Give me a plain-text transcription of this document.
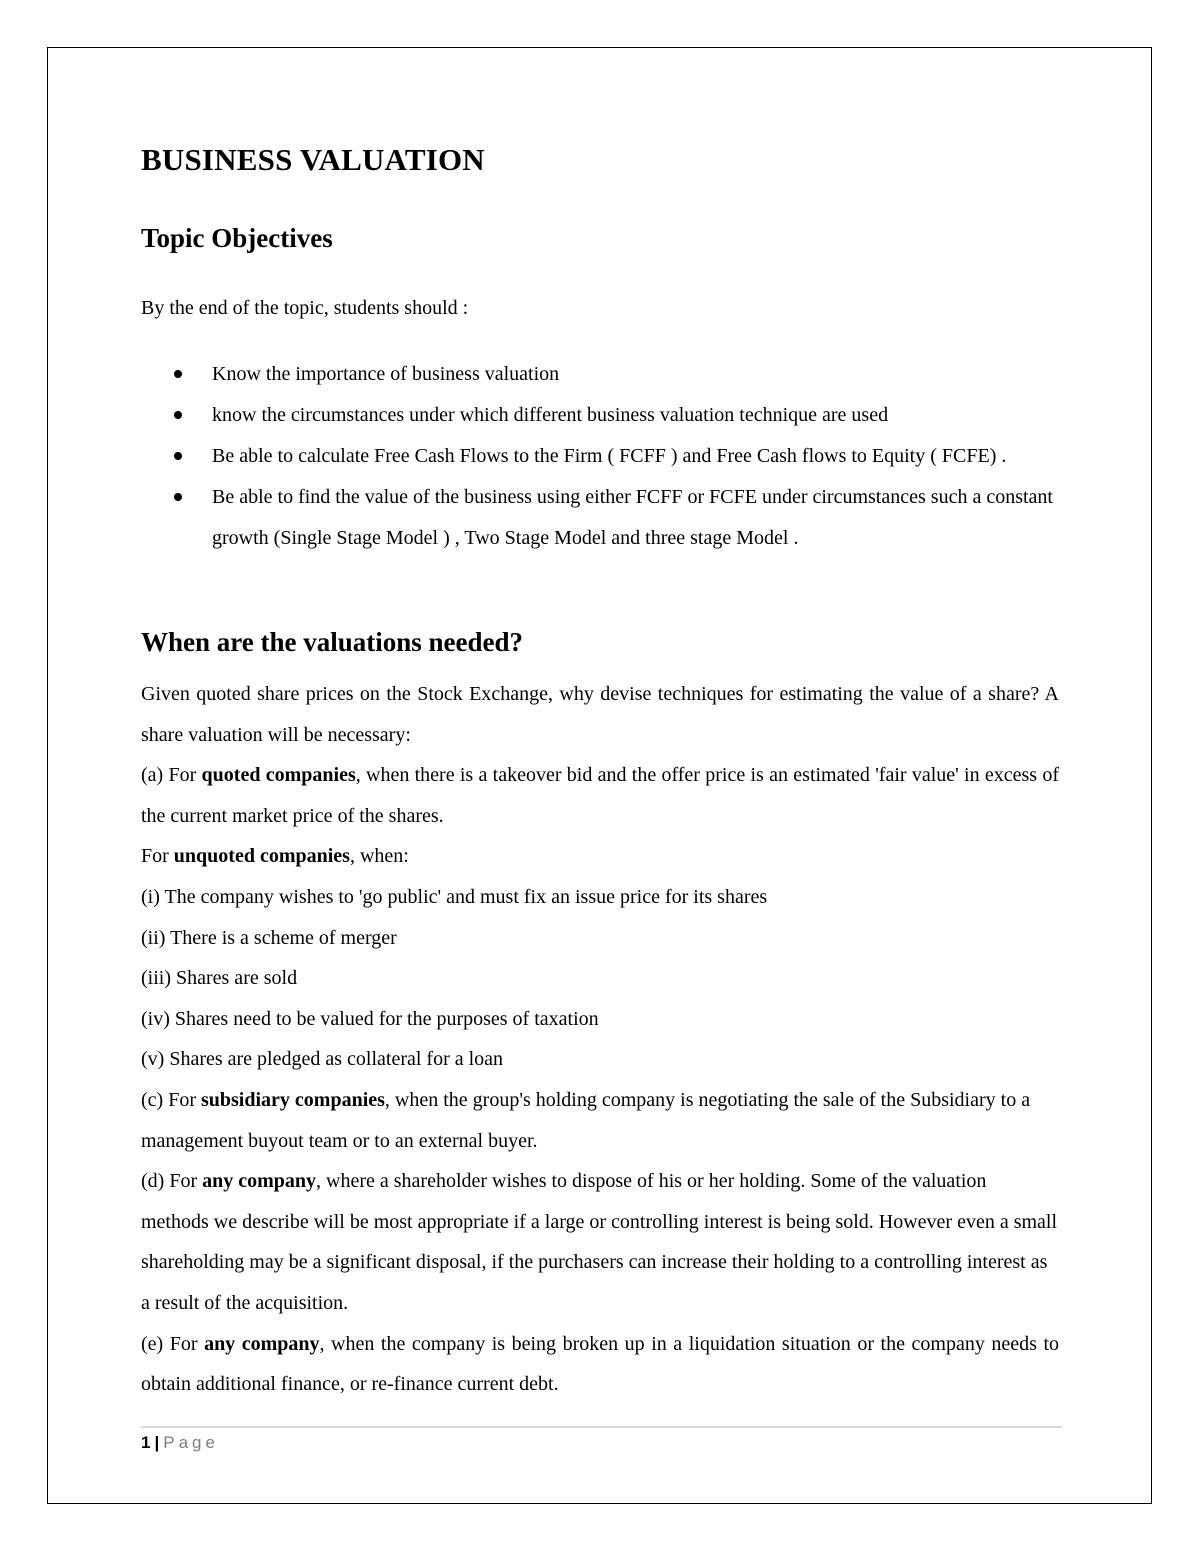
BUSINESS VALUATION
Topic Objectives

By the end of the topic, students should :

Know the importance of business valuation
know the circumstances under which different business valuation technique are used
Be able to calculate Free Cash Flows to the Firm ( FCFF ) and Free Cash flows to Equity ( FCFE) .
Be able to find the value of the business using either FCFF or FCFE under circumstances such a constant growth (Single Stage Model ) , Two Stage Model and three stage Model .
When are the valuations needed?

Given quoted share prices on the Stock Exchange, why devise techniques for estimating the value of a share? A share valuation will be necessary:

(a) For quoted companies, when there is a takeover bid and the offer price is an estimated 'fair value' in excess of the current market price of the shares.

For unquoted companies, when:

(i) The company wishes to 'go public' and must fix an issue price for its shares

(ii) There is a scheme of merger

(iii) Shares are sold

(iv) Shares need to be valued for the purposes of taxation

(v) Shares are pledged as collateral for a loan

(c) For subsidiary companies, when the group's holding company is negotiating the sale of the Subsidiary to a management buyout team or to an external buyer.

(d) For any company, where a shareholder wishes to dispose of his or her holding. Some of the valuation methods we describe will be most appropriate if a large or controlling interest is being sold. However even a small shareholding may be a significant disposal, if the purchasers can increase their holding to a controlling interest as a result of the acquisition.

(e) For any company, when the company is being broken up in a liquidation situation or the company needs to obtain additional finance, or re-finance current debt.

1 | Page
